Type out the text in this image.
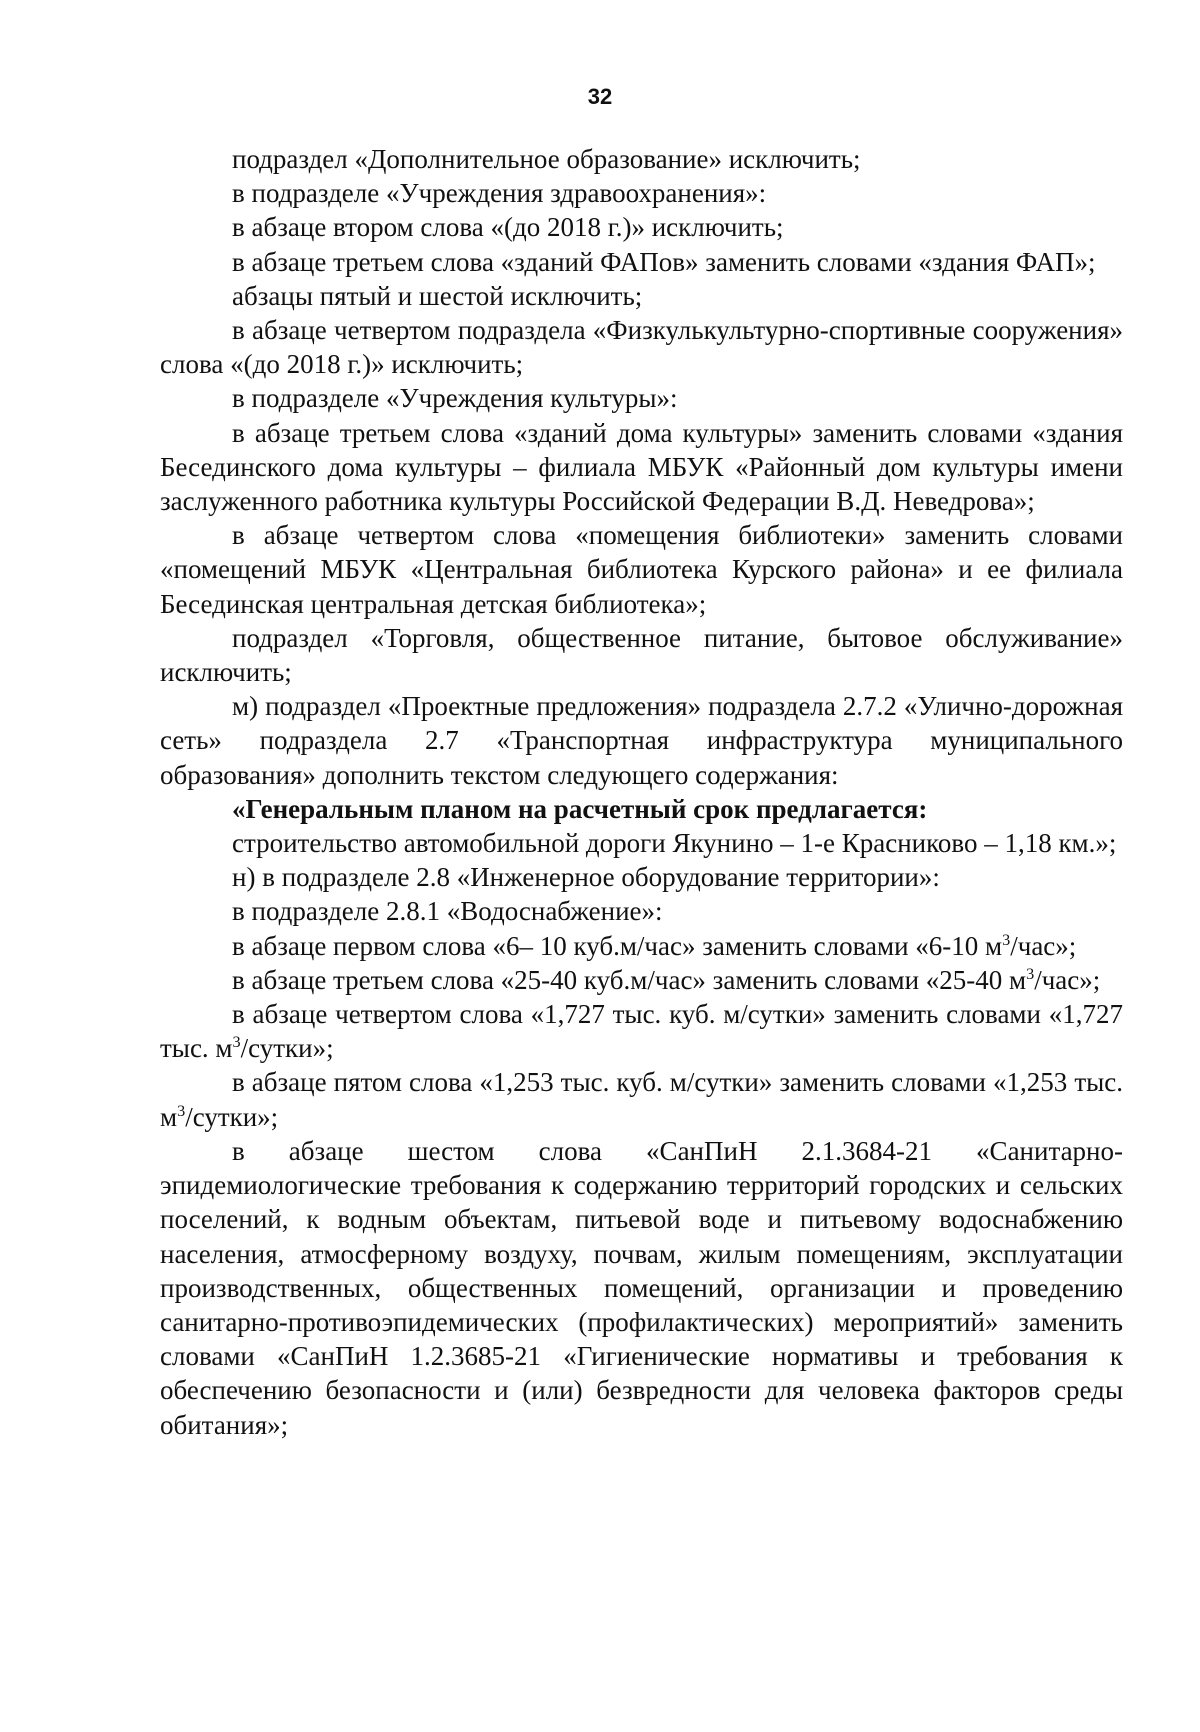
32

подраздел «Дополнительное образование» исключить;

в подразделе «Учреждения здравоохранения»:

в абзаце втором слова «(до 2018 г.)» исключить;

в абзаце третьем слова «зданий ФАПов» заменить словами «здания ФАП»;

абзацы пятый и шестой исключить;

в абзаце четвертом подраздела «Физкулькультурно-спортивные сооружения» слова «(до 2018 г.)» исключить;

в подразделе «Учреждения культуры»:

в абзаце третьем слова «зданий дома культуры» заменить словами «здания Бесединского дома культуры – филиала МБУК «Районный дом культуры имени заслуженного работника культуры Российской Федерации В.Д. Неведрова»;

в абзаце четвертом слова «помещения библиотеки» заменить словами «помещений МБУК «Центральная библиотека Курского района» и ее филиала Бесединская центральная детская библиотека»;

подраздел «Торговля, общественное питание, бытовое обслуживание» исключить;

м) подраздел «Проектные предложения» подраздела 2.7.2 «Улично-дорожная сеть» подраздела 2.7 «Транспортная инфраструктура муниципального образования» дополнить текстом следующего содержания:

«Генеральным планом на расчетный срок предлагается:

строительство автомобильной дороги Якунино – 1-е Красниково – 1,18 км.»;

н) в подразделе 2.8 «Инженерное оборудование территории»:

в подразделе 2.8.1 «Водоснабжение»:

в абзаце первом слова «6– 10 куб.м/час» заменить словами «6-10 $м^3$/час»;

в абзаце третьем слова «25-40 куб.м/час» заменить словами «25-40 $м^3$/час»;

в абзаце четвертом слова «1,727 тыс. куб. м/сутки» заменить словами «1,727 тыс. $м^3$/сутки»;

в абзаце пятом слова «1,253 тыс. куб. м/сутки» заменить словами «1,253 тыс. $м^3$/сутки»;

в абзаце шестом слова «СанПиН 2.1.3684-21 «Санитарно-эпидемиологические требования к содержанию территорий городских и сельских поселений, к водным объектам, питьевой воде и питьевому водоснабжению населения, атмосферному воздуху, почвам, жилым помещениям, эксплуатации производственных, общественных помещений, организации и проведению санитарно-противоэпидемических (профилактических) мероприятий» заменить словами «СанПиН 1.2.3685-21 «Гигиенические нормативы и требования к обеспечению безопасности и (или) безвредности для человека факторов среды обитания»;
